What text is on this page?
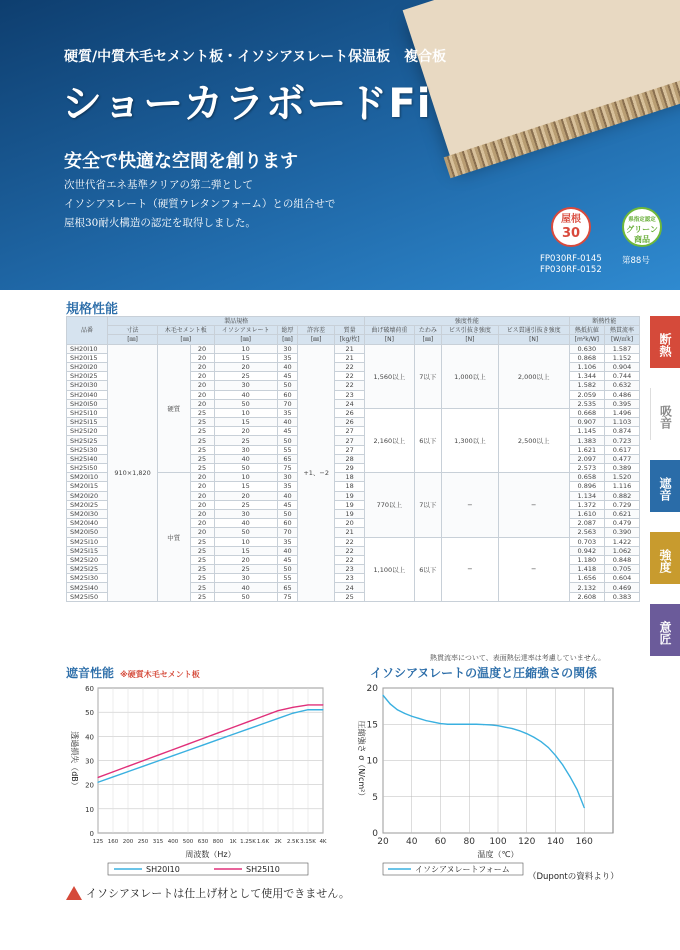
硬質/中質木毛セメント板・イソシアヌレート保温板　複合板
ショーカラボードFi
安全で快適な空間を創ります
次世代省エネ基準クリアの第二弾として
イソシアヌレート（硬質ウレタンフォーム）との組合せで
屋根30耐火構造の認定を取得しました。	屋根
30
県指定認定
グリーン
商品
FP030RF-0145
FP030RF-0152
第88号
断熱
吸音
遮音
強度
意匠
規格性能
品番	製品規格							強度性能				断熱性能	
	寸法	木毛セメント板		イソシアヌレート	総厚	許容差	質量	曲げ破壊荷重	たわみ	ビス引抜き強度	ビス貫通引抜き強度	熱抵抗値	熱貫流率
	[㎜]	[㎜]		[㎜]	[㎜]	[㎜]	[kg/枚]	[N]	[㎜]	[N]	[N]	[m²k/W]	[W/㎡k]
SH20I10	910×1,820	硬質	20	10	30	+1、−2	21	1,560以上	7以下	1,000以上	2,000以上	0.630	1.587
SH20I15			20	15	35		21					0.868	1.152
SH20I20			20	20	40		22					1.106	0.904
SH20I25			20	25	45		22					1.344	0.744
SH20I30			20	30	50		22					1.582	0.632
SH20I40			20	40	60		23					2.059	0.486
SH20I50			20	50	70		24					2.535	0.395
SH25I10			25	10	35		26	2,160以上	6以下	1,300以上	2,500以上	0.668	1.496
SH25I15			25	15	40		26					0.907	1.103
SH25I20			25	20	45		27					1.145	0.874
SH25I25			25	25	50		27					1.383	0.723
SH25I30			25	30	55		27					1.621	0.617
SH25I40			25	40	65		28					2.097	0.477
SH25I50			25	50	75		29					2.573	0.389
SM20I10		中質	20	10	30		18	770以上	7以下	−	−	0.658	1.520
SM20I15			20	15	35		18					0.896	1.116
SM20I20			20	20	40		19					1.134	0.882
SM20I25			20	25	45		19					1.372	0.729
SM20I30			20	30	50		19					1.610	0.621
SM20I40			20	40	60		20					2.087	0.479
SM20I50			20	50	70		21					2.563	0.390
SM25I10			25	10	35		22	1,100以上	6以下	−	−	0.703	1.422
SM25I15			25	15	40		22					0.942	1.062
SM25I20			25	20	45		22					1.180	0.848
SM25I25			25	25	50		23					1.418	0.705
SM25I30			25	30	55		23					1.656	0.604
SM25I40			25	40	65		24					2.132	0.469
SM25I50			25	50	75		25					2.608	0.383
熱貫流率について、表面熱伝達率は考慮していません。
遮音性能 ※硬質木毛セメント板
0
10
20
30
40
50
60
125 160 200 250 315 400 500 630 800 1K 1.25K 1.6K 2K 2.5K 3.15K 4K
周波数（Hz）
透過損失（dB）
SH20I10	SH25I10
イソシアヌレートの温度と圧縮強さの関係
0
5
10
15
20
20 40 60 80 100 120 140 160
温度（℃）
圧縮強さ σ（N/cm²）
イソシアヌレートフォーム
（Dupontの資料より）
イソシアヌレートは仕上げ材として使用できません。
